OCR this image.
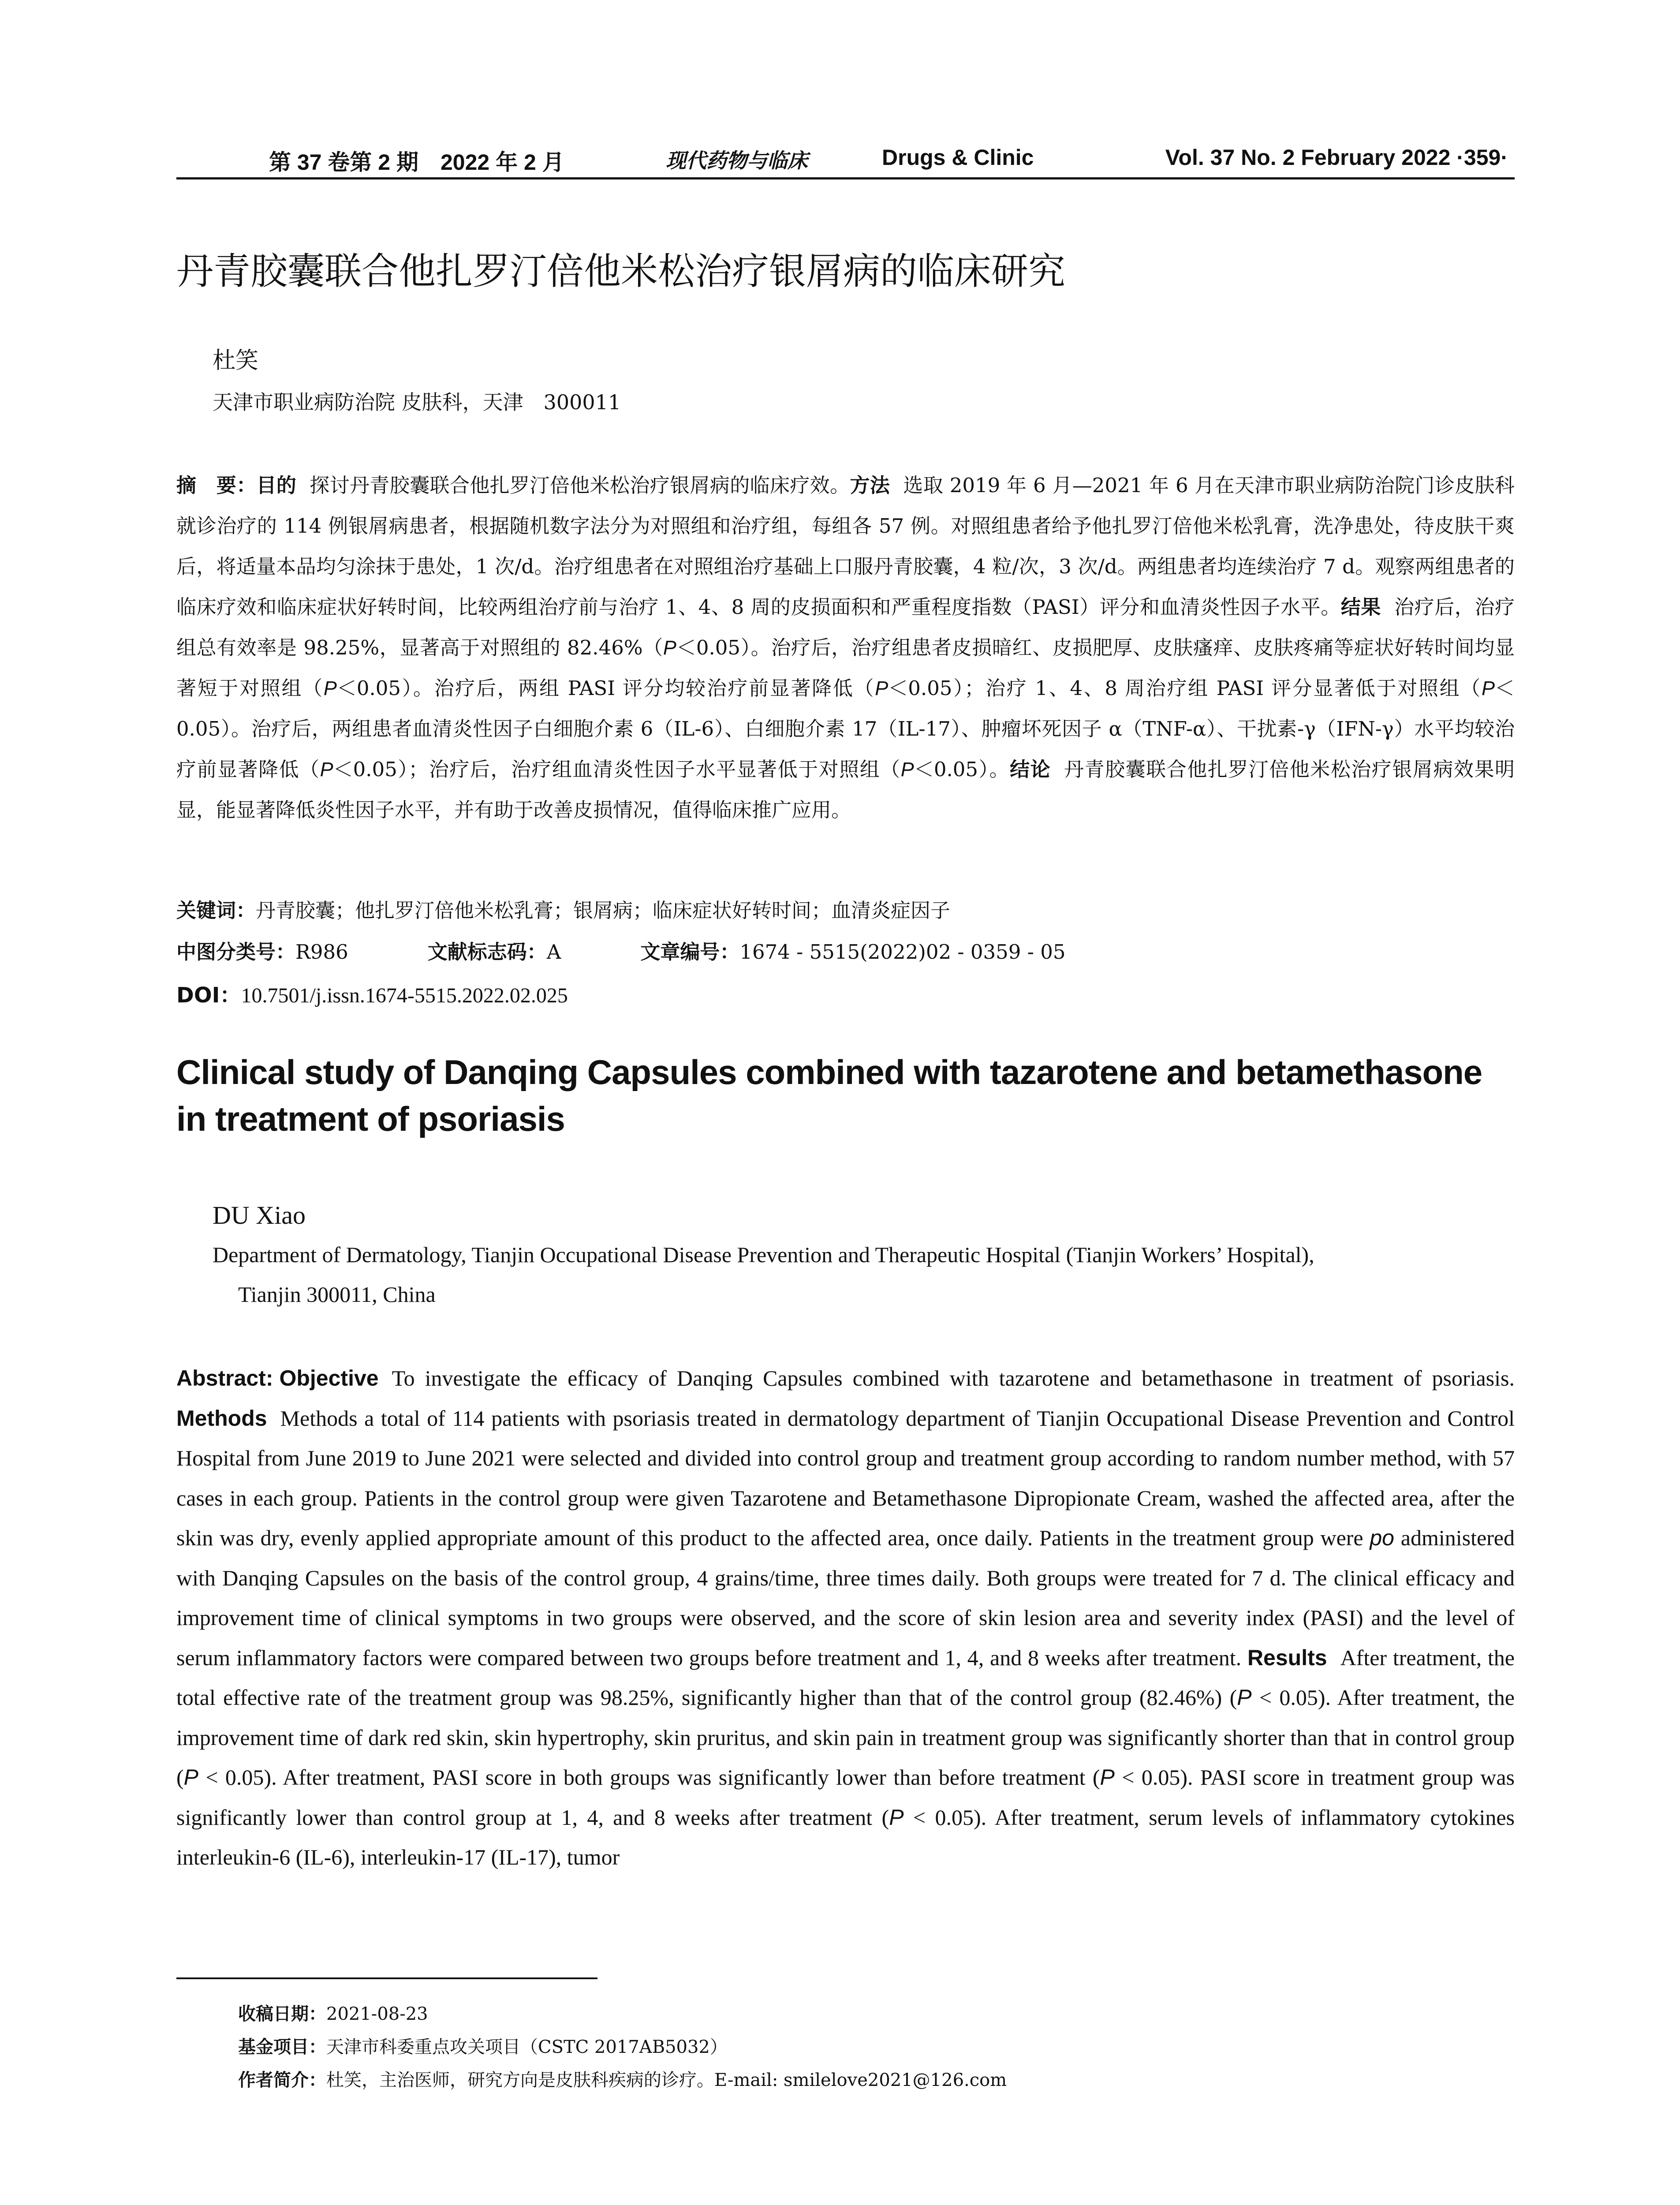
第 37 卷第 2 期　2022 年 2 月	现代药物与临床	Drugs & Clinic	Vol. 37 No. 2 February 2022 ·359·
丹青胶囊联合他扎罗汀倍他米松治疗银屑病的临床研究
杜笑
天津市职业病防治院 皮肤科，天津　300011

摘　要：目的 探讨丹青胶囊联合他扎罗汀倍他米松治疗银屑病的临床疗效。方法 选取 2019 年 6 月—2021 年 6 月在天津市职业病防治院门诊皮肤科就诊治疗的 114 例银屑病患者，根据随机数字法分为对照组和治疗组，每组各 57 例。对照组患者给予他扎罗汀倍他米松乳膏，洗净患处，待皮肤干爽后，将适量本品均匀涂抹于患处，1 次/d。治疗组患者在对照组治疗基础上口服丹青胶囊，4 粒/次，3 次/d。两组患者均连续治疗 7 d。观察两组患者的临床疗效和临床症状好转时间，比较两组治疗前与治疗 1、4、8 周的皮损面积和严重程度指数（PASI）评分和血清炎性因子水平。结果 治疗后，治疗组总有效率是 98.25%，显著高于对照组的 82.46%（P＜0.05）。治疗后，治疗组患者皮损暗红、皮损肥厚、皮肤瘙痒、皮肤疼痛等症状好转时间均显著短于对照组（P＜0.05）。治疗后，两组 PASI 评分均较治疗前显著降低（P＜0.05）；治疗 1、4、8 周治疗组 PASI 评分显著低于对照组（P＜0.05）。治疗后，两组患者血清炎性因子白细胞介素 6（IL-6）、白细胞介素 17（IL-17）、肿瘤坏死因子 α（TNF-α）、干扰素-γ（IFN-γ）水平均较治疗前显著降低（P＜0.05）；治疗后，治疗组血清炎性因子水平显著低于对照组（P＜0.05）。结论 丹青胶囊联合他扎罗汀倍他米松治疗银屑病效果明显，能显著降低炎性因子水平，并有助于改善皮损情况，值得临床推广应用。

关键词：丹青胶囊；他扎罗汀倍他米松乳膏；银屑病；临床症状好转时间；血清炎症因子
中图分类号：R986	文献标志码：A	文章编号：1674 - 5515(2022)02 - 0359 - 05
DOI：10.7501/j.issn.1674-5515.2022.02.025
Clinical study of Danqing Capsules combined with tazarotene and betamethasone in treatment of psoriasis
DU Xiao
Department of Dermatology, Tianjin Occupational Disease Prevention and Therapeutic Hospital (Tianjin Workers’ Hospital),
Tianjin 300011, China

Abstract: Objective To investigate the efficacy of Danqing Capsules combined with tazarotene and betamethasone in treatment of psoriasis. Methods Methods a total of 114 patients with psoriasis treated in dermatology department of Tianjin Occupational Disease Prevention and Control Hospital from June 2019 to June 2021 were selected and divided into control group and treatment group according to random number method, with 57 cases in each group. Patients in the control group were given Tazarotene and Betamethasone Dipropionate Cream, washed the affected area, after the skin was dry, evenly applied appropriate amount of this product to the affected area, once daily. Patients in the treatment group were po administered with Danqing Capsules on the basis of the control group, 4 grains/time, three times daily. Both groups were treated for 7 d. The clinical efficacy and improvement time of clinical symptoms in two groups were observed, and the score of skin lesion area and severity index (PASI) and the level of serum inflammatory factors were compared between two groups before treatment and 1, 4, and 8 weeks after treatment. Results After treatment, the total effective rate of the treatment group was 98.25%, significantly higher than that of the control group (82.46%) (P < 0.05). After treatment, the improvement time of dark red skin, skin hypertrophy, skin pruritus, and skin pain in treatment group was significantly shorter than that in control group (P < 0.05). After treatment, PASI score in both groups was significantly lower than before treatment (P < 0.05). PASI score in treatment group was significantly lower than control group at 1, 4, and 8 weeks after treatment (P < 0.05). After treatment, serum levels of inflammatory cytokines interleukin-6 (IL-6), interleukin-17 (IL-17), tumor

收稿日期：2021-08-23
基金项目：天津市科委重点攻关项目（CSTC 2017AB5032）
作者简介：杜笑，主治医师，研究方向是皮肤科疾病的诊疗。E-mail: smilelove2021@126.com
